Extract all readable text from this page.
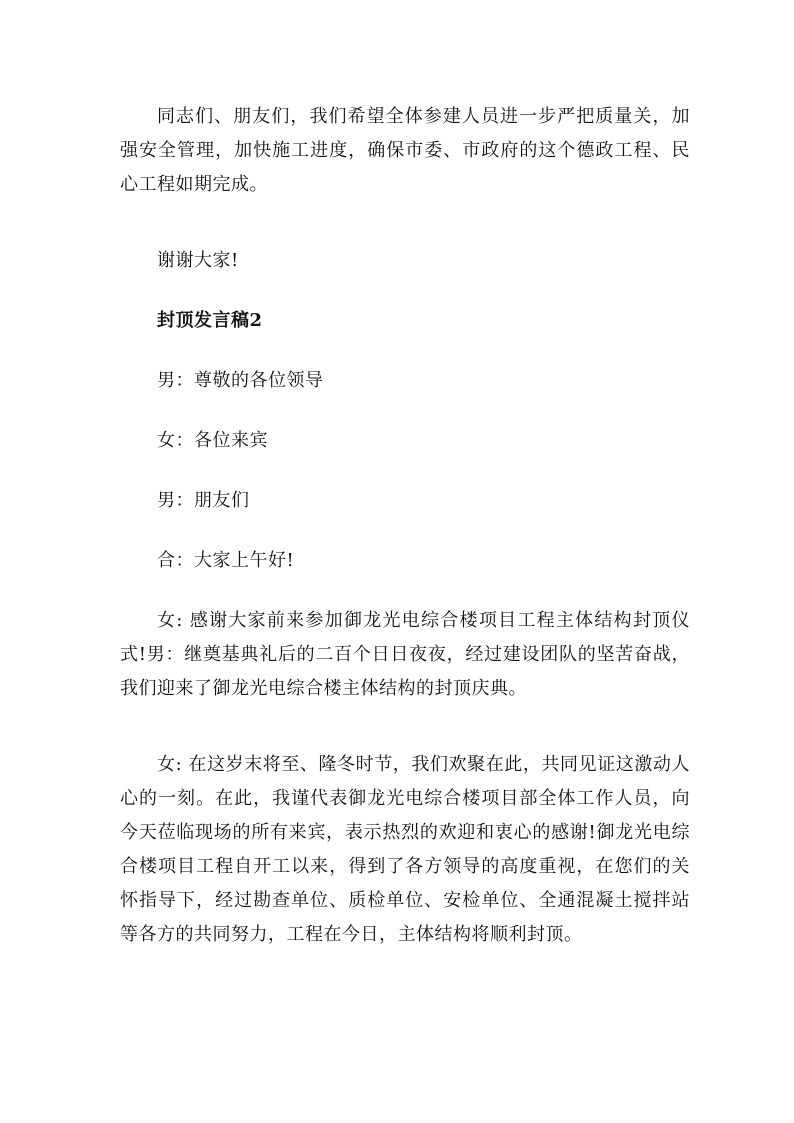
同志们、朋友们，我们希望全体参建人员进一步严把质量关，加强安全管理，加快施工进度，确保市委、市政府的这个德政工程、民心工程如期完成。

谢谢大家!

封顶发言稿2

男：尊敬的各位领导

女：各位来宾

男：朋友们

合：大家上午好!

女: 感谢大家前来参加御龙光电综合楼项目工程主体结构封顶仪式!男：继奠基典礼后的二百个日日夜夜，经过建设团队的坚苦奋战，我们迎来了御龙光电综合楼主体结构的封顶庆典。

女: 在这岁末将至、隆冬时节，我们欢聚在此，共同见证这激动人心的一刻。在此，我谨代表御龙光电综合楼项目部全体工作人员，向今天莅临现场的所有来宾，表示热烈的欢迎和衷心的感谢!御龙光电综合楼项目工程自开工以来，得到了各方领导的高度重视，在您们的关怀指导下，经过勘查单位、质检单位、安检单位、全通混凝土搅拌站等各方的共同努力，工程在今日，主体结构将顺利封顶。
